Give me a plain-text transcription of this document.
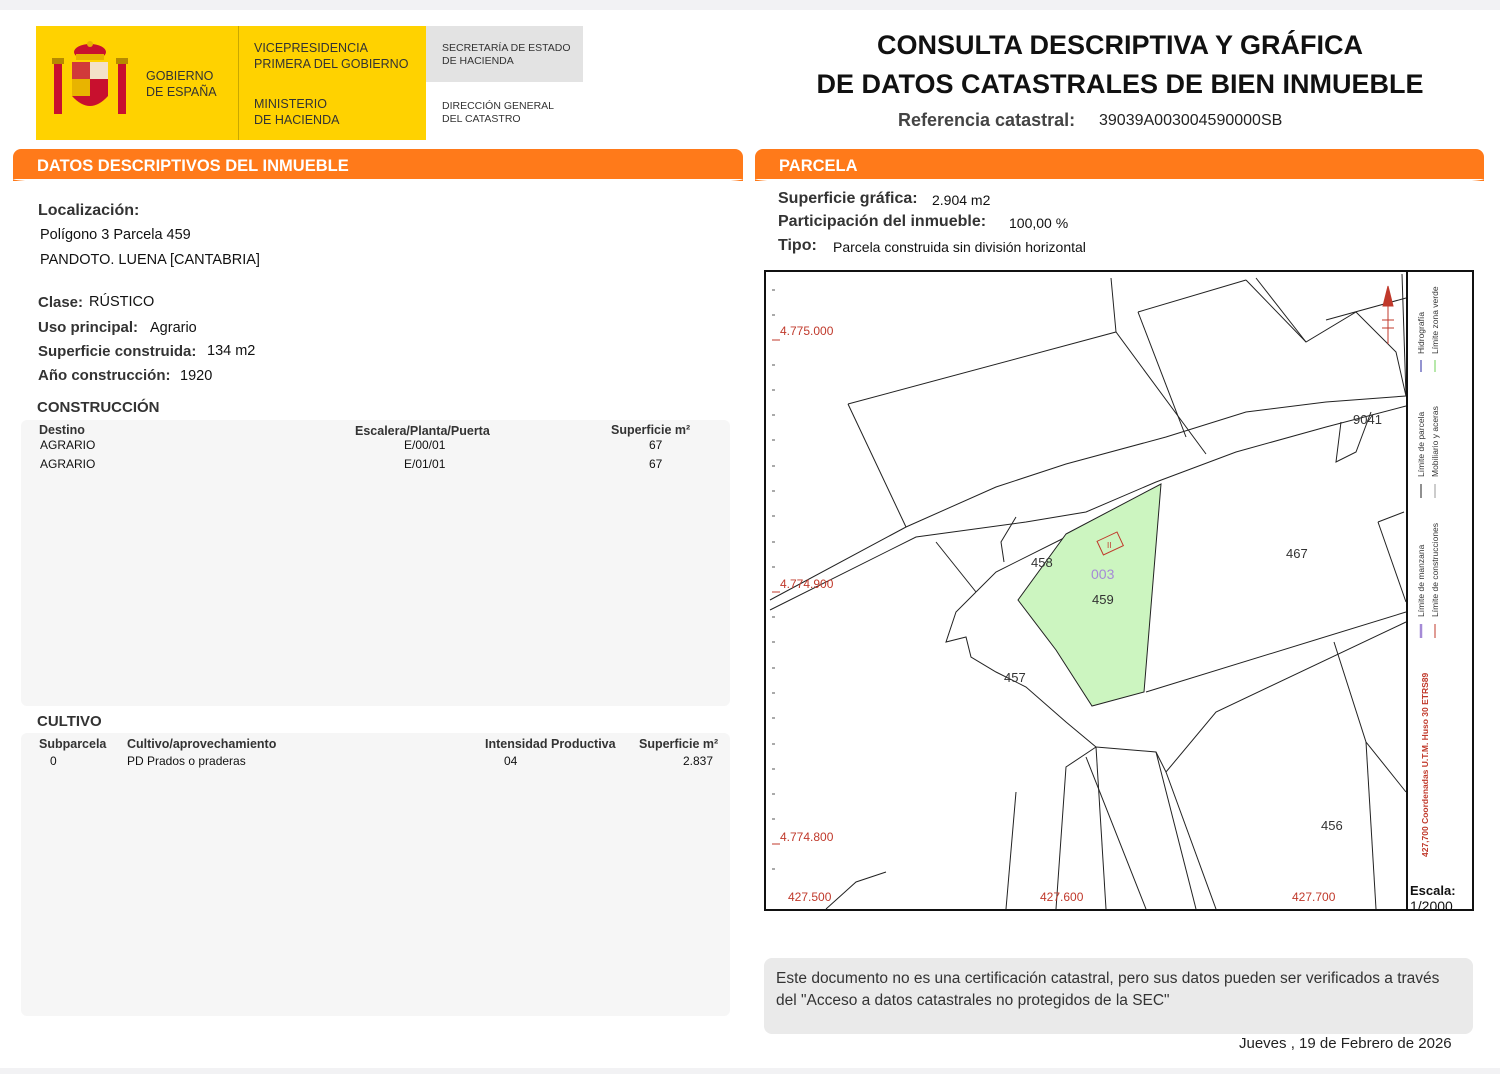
GOBIERNO
DE ESPAÑA
VICEPRESIDENCIA
PRIMERA DEL GOBIERNO
MINISTERIO
DE HACIENDA
SECRETARÍA DE ESTADO
DE HACIENDA
DIRECCIÓN GENERAL
DEL CATASTRO
CONSULTA DESCRIPTIVA Y GRÁFICA
DE DATOS CATASTRALES DE BIEN INMUEBLE
Referencia catastral: 39039A003004590000SB
DATOS DESCRIPTIVOS DEL INMUEBLE	PARCELA
Localización:
Polígono 3 Parcela 459
PANDOTO. LUENA [CANTABRIA]
Clase: RÚSTICO
Uso principal: Agrario
Superficie construida: 134 m2
Año construcción: 1920
CONSTRUCCIÓN
Destino	Escalera/Planta/Puerta	Superficie m²
AGRARIO	E/00/01	67
AGRARIO	E/01/01	67
CULTIVO
Subparcela Cultivo/aprovechamiento	Intensidad Productiva Superficie m²
0	PD Prados o praderas	04	2.837
Superficie gráfica: 2.904 m2
Participación del inmueble: 100,00 %
Tipo: Parcela construida sin división horizontal
II
9041
458
003
459
467
457
456
4.775.000
4.774.900
4.774.800
427.500	427.600	427.700
Límite de manzana Límite de construcciones
Límite de parcela Mobiliario y aceras
Hidrografía Límite zona verde
427,700 Coordenadas U.T.M. Huso 30 ETRS89
Escala:
1/2000
Este documento no es una certificación catastral, pero sus datos pueden ser verificados a través del "Acceso a datos catastrales no protegidos de la SEC"
Jueves , 19 de Febrero de 2026
